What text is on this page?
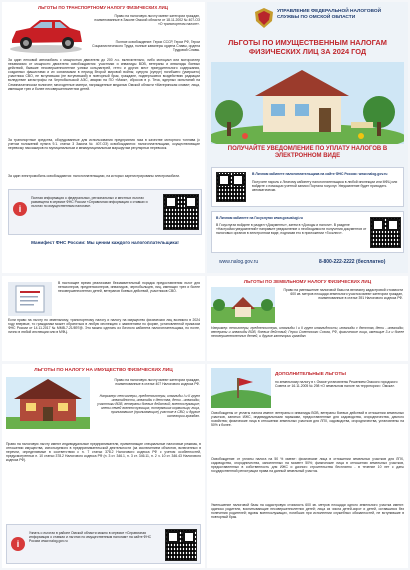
ЛЬГОТЫ ПО ТРАНСПОРТНОМУ НАЛОГУ ФИЗИЧЕСКИХ ЛИЦ
Право на налоговую льготу имеют категории граждан, поименованные в Законе Омской области от 18.11.2002 № 407-ОЗ «О транспортном налоге».
Полное освобождение: Герои СССР, Герои РФ, Герои Социалистического Труда, полные кавалеры ордена Славы, ордена Трудовой Славы.
За один легковой автомобиль с мощностью двигателя до 200 л.с. включительно, либо мотоцикл или мотороллер независимо от мощности двигателя освобождаются: участники и инвалиды ВОВ, ветераны и инвалиды боевых действий, бывшие несовершеннолетние узники концлагерей, гетто и других мест принудительного содержания, созданных фашистами и их союзниками в период Второй мировой войны; супруга (супруг) погибшего (умершего) участника СВО, не вступившая (не вступивший) в повторный брак, граждане, подвергшиеся воздействию радиации вследствие катастрофы на Чернобыльской АЭС, аварии на ПО «Маяк», сбросов в р. Теча, ядерных испытаний на Семипалатинском полигоне; многодетные матери, награжденные медалью Омской области «Материнская слава»; лица, имеющие трех и более несовершеннолетних детей.
За транспортные средства, оборудованные для использования предприятия газа в качестве моторного топлива (с учетом положений пункта 9.1. статьи 3 Закона № 407-ОЗ) освобождаются: налогоплательщики, осуществляющие перевозку пассажиров по муниципальным и межмуниципальным маршрутам регулярных перевозок.
За один электромобиль освобождаются: налогоплательщики, на которых зарегистрированы электромобили.
i
Полная информация о федеральных, региональных и местных льготах размещена в сервисе ФНС России «Справочная информация о ставках и льготах по имущественным налогам».
Манифест ФНС России: Мы ценим каждого налогоплательщика!
УПРАВЛЕНИЕ ФЕДЕРАЛЬНОЙ НАЛОГОВОЙ СЛУЖБЫ ПО ОМСКОЙ ОБЛАСТИ
ЛЬГОТЫ ПО ИМУЩЕСТВЕННЫМ НАЛОГАМ ФИЗИЧЕСКИХ ЛИЦ ЗА 2024 ГОД
ПОЛУЧАЙТЕ УВЕДОМЛЕНИЕ ПО УПЛАТУ НАЛОГОВ В ЭЛЕКТРОННОМ ВИДЕ
В Личном кабинете налогоплательщика на сайте ФНС России: www.nalog.gov.ru
Получите пароль к Личному кабинету налогоплательщика в любой инспекции или МФЦ или войдите с помощью учетной записи Портала госуслуг. Уведомление будет приходить автоматически.
В Личном кабинете на Госуслугах www.gosuslugi.ru
В Госуслугах войдите в раздел «Документы», затем в «Доходы и налоги». В разделе «Настройки уведомлений» направьте уведомление о необходимости получения документов от налоговых органов в электронном виде, подписав его в приложении «Госключ».
www.nalog.gov.ru	8-800-222-2222 (бесплатно)
В настоящее время реализован беззаявительный порядок предоставления льгот для пенсионеров, предпенсионеров, инвалидов, чернобыльцев, лиц, имеющих трех и более несовершеннолетних детей, ветеранов боевых действий, участников СВО.
Если право на льготу по земельному, транспортному налогу и налогу на имущество физических лиц возникло в 2024 году впервые, то гражданам может обратиться в любую инспекцию с заявлением по форме, установленной приказом ФНС России от 14.11.2017 № ММВ-7-21/897@. Это можно сделать из Личного кабинета налогоплательщика, по почте, лично в любой инспекции или в МФЦ.
ЛЬГОТЫ ПО ЗЕМЕЛЬНОМУ НАЛОГУ ФИЗИЧЕСКИХ ЛИЦ
Право на уменьшение налоговой базы на величину кадастровой стоимости 600 кв. метров площади земельного участка имеют категории граждан, поименованные в статье 391 Налогового кодекса РФ.
Например: пенсионеры, предпенсионеры, инвалиды I и II групп инвалидности, инвалиды с детства, дети - инвалиды; ветераны и инвалиды ВОВ, боевых действий; Герои Советского Союза, РФ, физические лица, имеющие 3-х и более несовершеннолетних детей, и другие категории граждан.
ЛЬГОТЫ ПО НАЛОГУ НА ИМУЩЕСТВО ФИЗИЧЕСКИХ ЛИЦ
Право на налоговую льготу имеют категории граждан, поименованные в статье 407 Налогового кодекса РФ.
Например: пенсионеры, предпенсионеры, инвалиды I и II групп инвалидности, инвалиды с детства, дети - инвалиды; участники ВОВ, ветераны боевых действий; военнослужащие; члены семей военнослужащих, потерявших кормильца; лица, принимавшие (принимающие) участие в СВО, и другие категории граждан.
Право на налоговую льготу имеют индивидуальные предприниматели, применяющие специальные налоговые режимы, в отношении имущества, используемого в предпринимательской деятельности (за исключением объектов, включенных в перечни, определяемые в соответствии с п. 7 статьи 378.2 Налогового кодекса РФ с учетом особенностей, предусмотренных п. 10 статьи 378.2 Налогового кодекса РФ (п. 3 ст. 346.1, п. 3 ст. 346.11, п. 2 ч. 10 ст. 346.43 Налогового кодекса РФ).
i
Узнать о льготах в районе Омской области можно в сервисе «Справочная информация о ставках и льготах по имущественным налогам» на сайте ФНС России www.nalog.gov.ru
ДОПОЛНИТЕЛЬНЫЕ ЛЬГОТЫ
по земельному налогу в г. Омске установлены Решением Омского городского Совета от 16.11.2005 № 298 «О земельном налоге на территории г. Омска».
Освобождены от уплаты налога имеют: ветераны и инвалиды ВОВ, ветераны боевых действий в отношении земельных участков, занятых ИЖС, индивидуальными гаражами, предоставленные для садоводства, огородничества, дачного хозяйства; физические лица в отношении земельных участков для ЛПХ, садоводства, огородничества, установлены на 50% к более.
Освобождение от уплаты налога на 50 % имеют: физические лица в отношении земельных участков для ЛПХ, садоводства, огородничества, заполненных на момент 50%; физические лица в отношении земельных участков, предоставленных в собственность для ИЖС и дачного строительства бесплатно - в течение 10 лет с даты государственной регистрации права на данный земельный участок.
Уменьшение налоговой базы на кадастровую стоимость 600 кв. метров площади одного земельного участка имеют: одиноко родители, воспитывающие несовершеннолетних детей; лица из числа детей-сирот и детей, оставшихся без попечения родителей; вдовы военнослужащих, погибших при исполнении служебных обязанностей, не вступившие в повторный брак.
